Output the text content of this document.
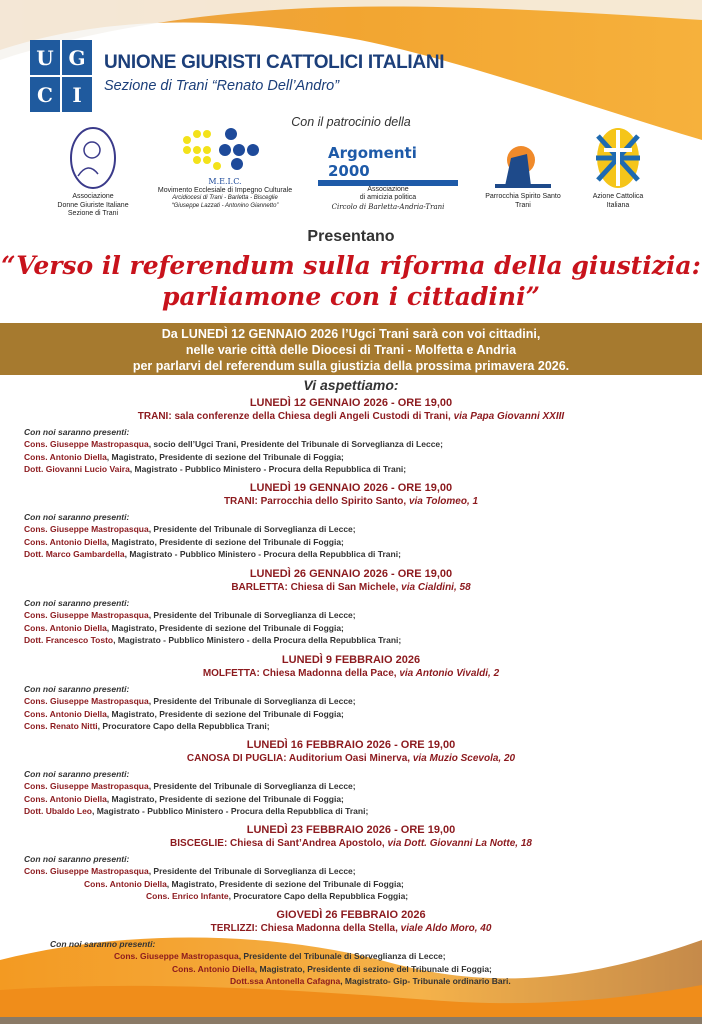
U G
C I
UNIONE GIURISTI CATTOLICI ITALIANI
Sezione di Trani “Renato Dell’Andro”
Con il patrocinio della
Associazione
Donne Giuriste Italiane
Sezione di Trani
M.E.I.C.
Movimento Ecclesiale di Impegno Culturale
Arcidiocesi di Trani - Barletta - Bisceglie
“Giuseppe Lazzati - Antonino Giannetto”
Argomenti 2000
Associazione
di amicizia politica
Circolo di Barletta-Andria-Trani
Parrocchia Spirito Santo
Trani
Azione Cattolica
Italiana
Presentano
“Verso il referendum sulla riforma della giustizia:
parliamone con i cittadini”
Da LUNEDÌ 12 GENNAIO 2026 l’Ugci Trani sarà con voi cittadini,
nelle varie città delle Diocesi di Trani - Molfetta e Andria
per parlarvi del referendum sulla giustizia della prossima primavera 2026.
Vi aspettiamo:
LUNEDÌ 12 GENNAIO 2026 - ORE 19,00
TRANI: sala conferenze della Chiesa degli Angeli Custodi di Trani, via Papa Giovanni XXIII
Con noi saranno presenti:
Cons. Giuseppe Mastropasqua, socio dell’Ugci Trani, Presidente del Tribunale di Sorveglianza di Lecce;
Cons. Antonio Diella, Magistrato, Presidente di sezione del Tribunale di Foggia;
Dott. Giovanni Lucio Vaira, Magistrato - Pubblico Ministero - Procura della Repubblica di Trani;
LUNEDÌ 19 GENNAIO 2026 - ORE 19,00
TRANI: Parrocchia dello Spirito Santo, via Tolomeo, 1
Con noi saranno presenti:
Cons. Giuseppe Mastropasqua, Presidente del Tribunale di Sorveglianza di Lecce;
Cons. Antonio Diella, Magistrato, Presidente di sezione del Tribunale di Foggia;
Dott. Marco Gambardella, Magistrato - Pubblico Ministero - Procura della Repubblica di Trani;
LUNEDÌ 26 GENNAIO 2026 - ORE 19,00
BARLETTA: Chiesa di San Michele, via Cialdini, 58
Con noi saranno presenti:
Cons. Giuseppe Mastropasqua, Presidente del Tribunale di Sorveglianza di Lecce;
Cons. Antonio Diella, Magistrato, Presidente di sezione del Tribunale di Foggia;
Dott. Francesco Tosto, Magistrato - Pubblico Ministero - della Procura della Repubblica Trani;
LUNEDÌ 9 FEBBRAIO 2026
MOLFETTA: Chiesa Madonna della Pace, via Antonio Vivaldi, 2
Con noi saranno presenti:
Cons. Giuseppe Mastropasqua, Presidente del Tribunale di Sorveglianza di Lecce;
Cons. Antonio Diella, Magistrato, Presidente di sezione del Tribunale di Foggia;
Cons. Renato Nitti, Procuratore Capo della Repubblica Trani;
LUNEDÌ 16 FEBBRAIO 2026 - ORE 19,00
CANOSA DI PUGLIA: Auditorium Oasi Minerva, via Muzio Scevola, 20
Con noi saranno presenti:
Cons. Giuseppe Mastropasqua, Presidente del Tribunale di Sorveglianza di Lecce;
Cons. Antonio Diella, Magistrato, Presidente di sezione del Tribunale di Foggia;
Dott. Ubaldo Leo, Magistrato - Pubblico Ministero - Procura della Repubblica di Trani;
LUNEDÌ 23 FEBBRAIO 2026 - ORE 19,00
BISCEGLIE: Chiesa di Sant’Andrea Apostolo, via Dott. Giovanni La Notte, 18
Con noi saranno presenti:
Cons. Giuseppe Mastropasqua, Presidente del Tribunale di Sorveglianza di Lecce;
Cons. Antonio Diella, Magistrato, Presidente di sezione del Tribunale di Foggia;
Cons. Enrico Infante, Procuratore Capo della Repubblica Foggia;
GIOVEDÌ 26 FEBBRAIO 2026
TERLIZZI: Chiesa Madonna della Stella, viale Aldo Moro, 40
Con noi saranno presenti:
Cons. Giuseppe Mastropasqua, Presidente del Tribunale di Sorveglianza di Lecce;
Cons. Antonio Diella, Magistrato, Presidente di sezione del Tribunale di Foggia;
Dott.ssa Antonella Cafagna, Magistrato- Gip- Tribunale ordinario Bari.
